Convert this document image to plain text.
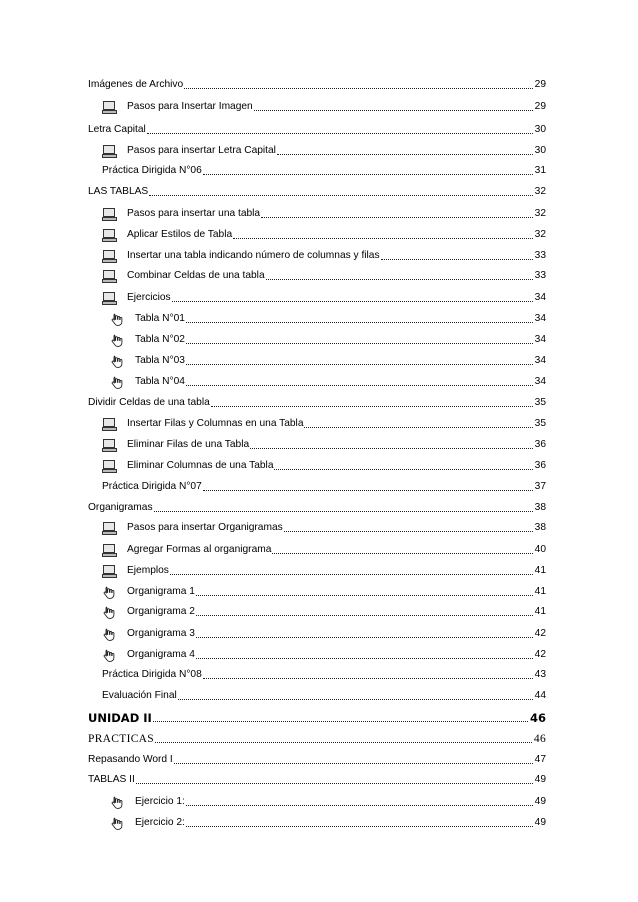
Imágenes de Archivo	29
Pasos para Insertar Imagen	29
Letra Capital	30
Pasos para insertar Letra Capital	30
Práctica Dirigida N°06	31
LAS TABLAS	32
Pasos para insertar una tabla	32
Aplicar Estilos de Tabla	32
Insertar una tabla indicando número de columnas y filas	33
Combinar Celdas de una tabla	33
Ejercicios	34
Tabla N°01	34
Tabla N°02	34
Tabla N°03	34
Tabla N°04	34
Dividir Celdas de una tabla	35
Insertar Filas y Columnas en una Tabla	35
Eliminar Filas de una Tabla	36
Eliminar Columnas de una Tabla	36
Práctica Dirigida N°07	37
Organigramas	38
Pasos para insertar Organigramas	38
Agregar Formas al organigrama	40
Ejemplos	41
Organigrama 1	41
Organigrama 2	41
Organigrama 3	42
Organigrama 4	42
Práctica Dirigida N°08	43
Evaluación Final	44
UNIDAD II	46
PRACTICAS	46
Repasando Word I	47
TABLAS II	49
Ejercicio 1:	49
Ejercicio 2:	49
